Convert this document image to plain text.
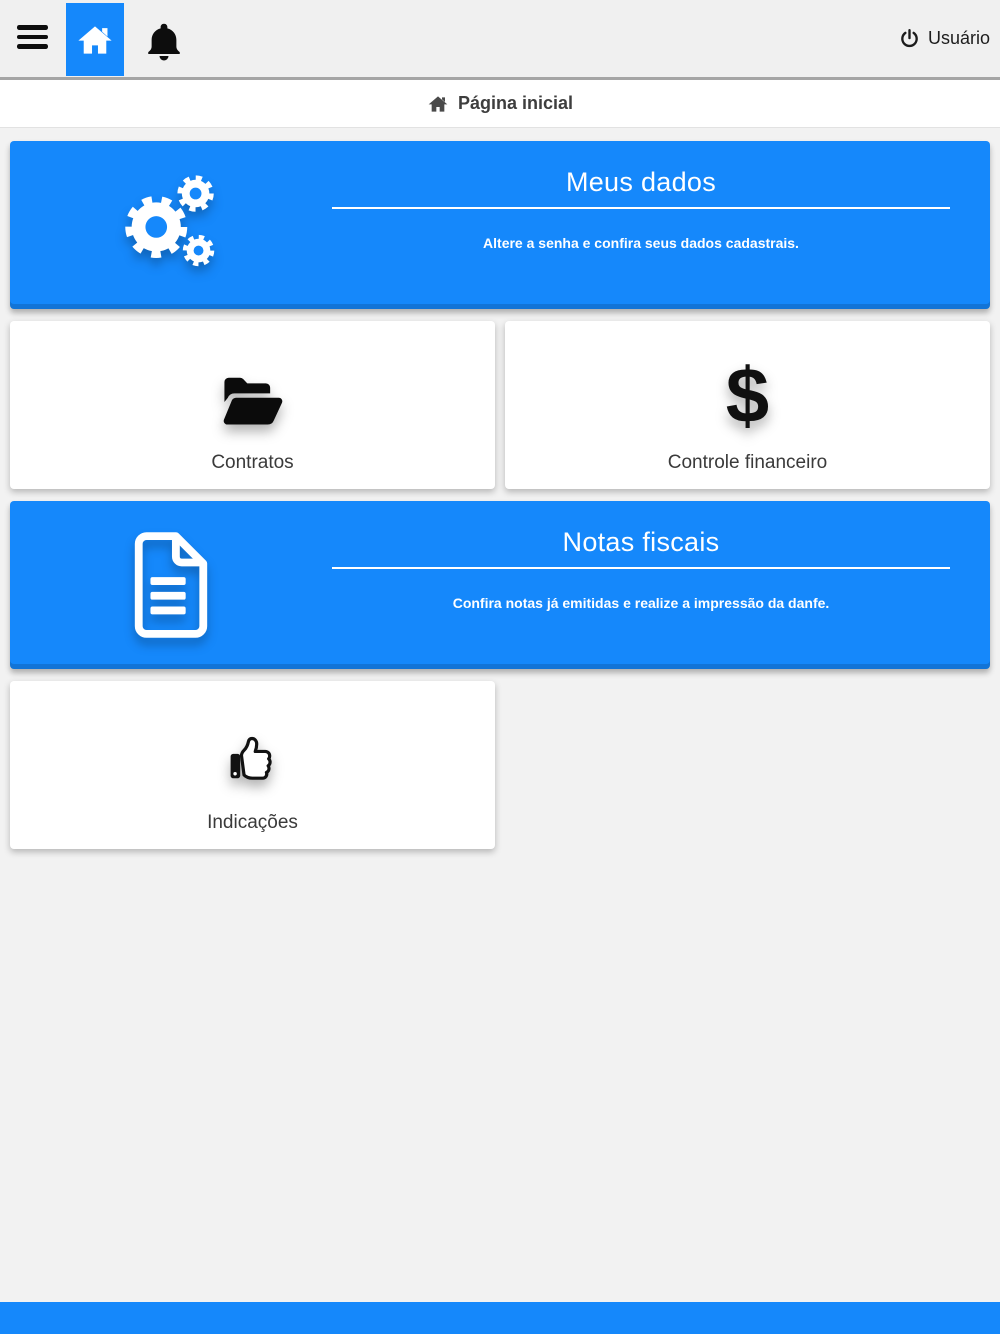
Usuário
Página inicial
Meus dados
Altere a senha e confira seus dados cadastrais.
Contratos
$
Controle financeiro
Notas fiscais
Confira notas já emitidas e realize a impressão da danfe.
Indicações
